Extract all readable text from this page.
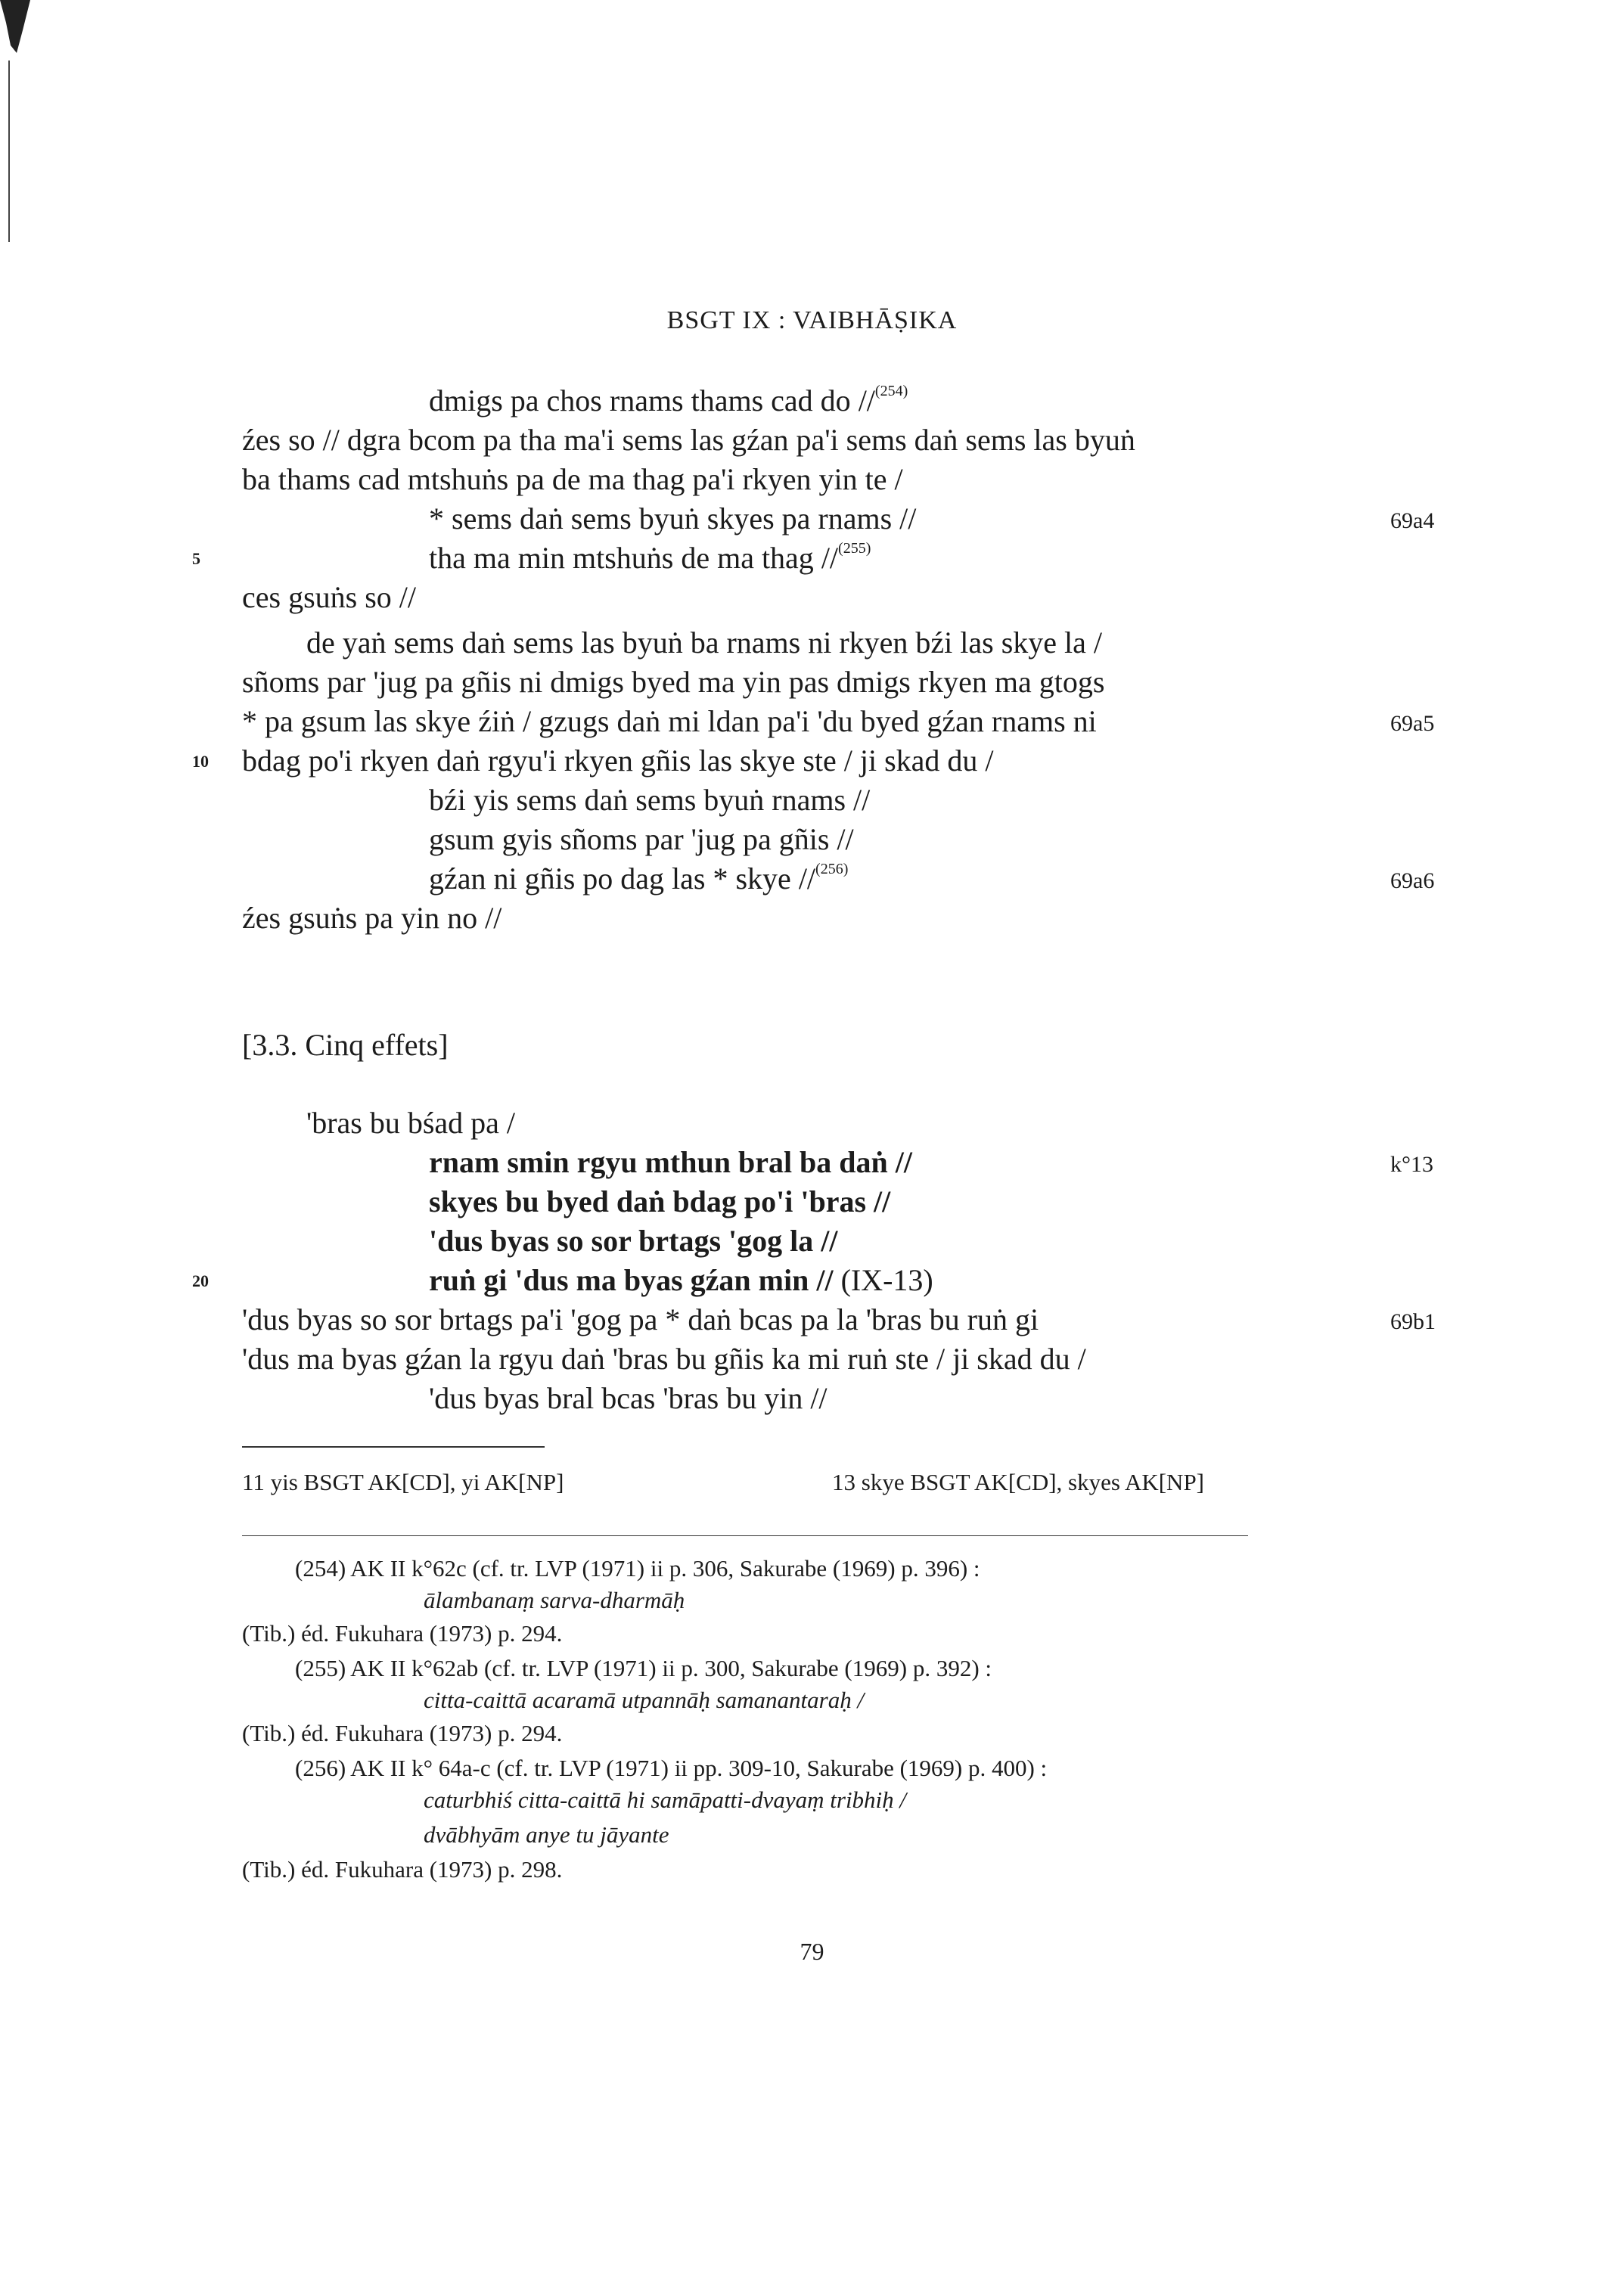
BSGT IX : VAIBHĀṢIKA
dmigs pa chos rnams thams cad do //$^{(254)}$
źes so // dgra bcom pa tha ma'i sems las gźan pa'i sems daṅ sems las byuṅ
ba thams cad mtshuṅs pa de ma thag pa'i rkyen yin te /
* sems daṅ sems byuṅ skyes pa rnams //
tha ma min mtshuṅs de ma thag //$^{(255)}$
ces gsuṅs so //
de yaṅ sems daṅ sems las byuṅ ba rnams ni rkyen bźi las skye la /
sñoms par 'jug pa gñis ni dmigs byed ma yin pas dmigs rkyen ma gtogs
* pa gsum las skye źiṅ / gzugs daṅ mi ldan pa'i 'du byed gźan rnams ni
bdag po'i rkyen daṅ rgyu'i rkyen gñis las skye ste / ji skad du /
bźi yis sems daṅ sems byuṅ rnams //
gsum gyis sñoms par 'jug pa gñis //
gźan ni gñis po dag las * skye //$^{(256)}$
źes gsuṅs pa yin no //
[3.3. Cinq effets]
'bras bu bśad pa /
rnam smin rgyu mthun bral ba daṅ //
skyes bu byed daṅ bdag po'i 'bras //
'dus byas so sor brtags 'gog la //
ruṅ gi 'dus ma byas gźan min // (IX-13)
'dus byas so sor brtags pa'i 'gog pa * daṅ bcas pa la 'bras bu ruṅ gi
'dus ma byas gźan la rgyu daṅ 'bras bu gñis ka mi ruṅ ste / ji skad du /
'dus byas bral bcas 'bras bu yin //
5
10
20
69a4
69a5
69a6
k°13
69b1
11 yis BSGT AK[CD], yi AK[NP]	13 skye BSGT AK[CD], skyes AK[NP]
(254) AK II k°62c (cf. tr. LVP (1971) ii p. 306, Sakurabe (1969) p. 396) :
ālambanaṃ sarva-dharmāḥ
(Tib.) éd. Fukuhara (1973) p. 294.
(255) AK II k°62ab (cf. tr. LVP (1971) ii p. 300, Sakurabe (1969) p. 392) :
citta-caittā acaramā utpannāḥ samanantaraḥ /
(Tib.) éd. Fukuhara (1973) p. 294.
(256) AK II k° 64a-c (cf. tr. LVP (1971) ii pp. 309-10, Sakurabe (1969) p. 400) :
caturbhiś citta-caittā hi samāpatti-dvayaṃ tribhiḥ /
dvābhyām anye tu jāyante
(Tib.) éd. Fukuhara (1973) p. 298.
79
